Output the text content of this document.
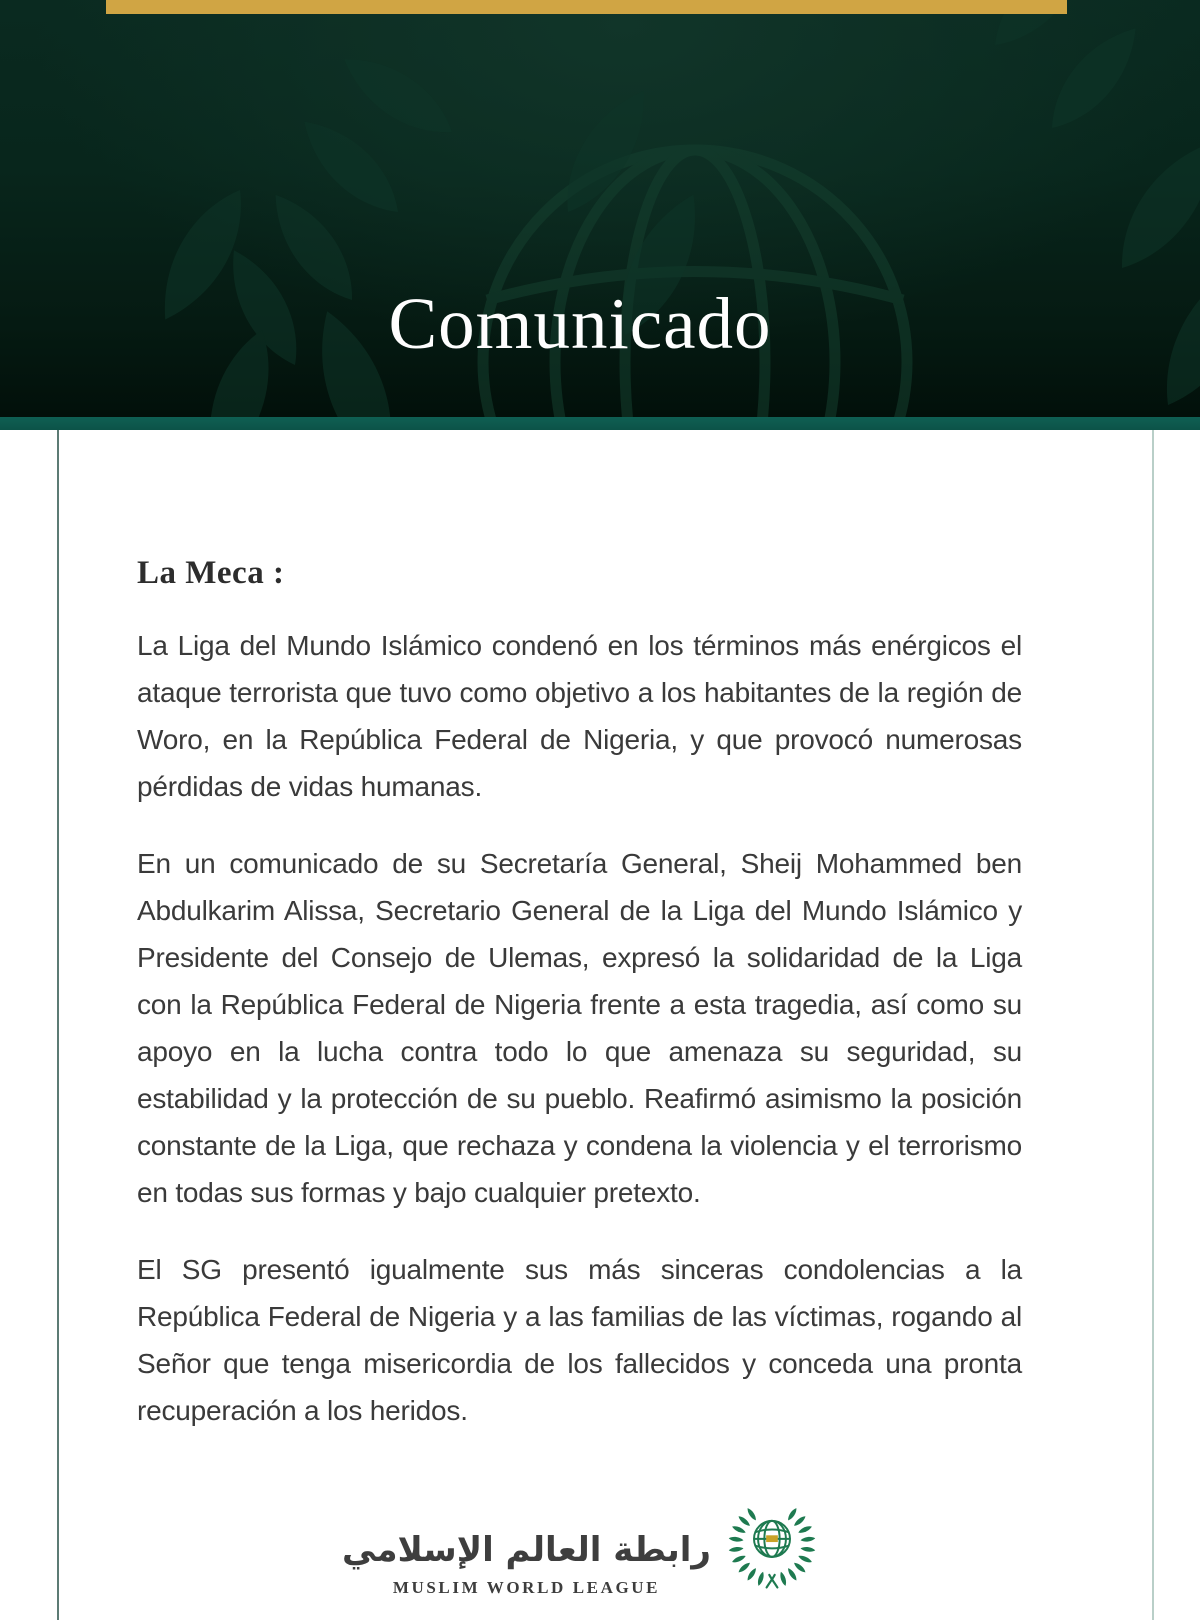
Comunicado
La Meca :

La Liga del Mundo Islámico condenó en los términos más enérgicos el ataque terrorista que tuvo como objetivo a los habitantes de la región de Woro, en la República Federal de Nigeria, y que provocó numerosas pérdidas de vidas humanas.

En un comunicado de su Secretaría General, Sheij Mohammed ben Abdulkarim Alissa, Secretario General de la Liga del Mundo Islámico y Presidente del Consejo de Ulemas, expresó la solidaridad de la Liga con la República Federal de Nigeria frente a esta tragedia, así como su apoyo en la lucha contra todo lo que amenaza su seguridad, su estabilidad y la protección de su pueblo. Reafirmó asimismo la posición constante de la Liga, que rechaza y condena la violencia y el terrorismo en todas sus formas y bajo cualquier pretexto.

El SG presentó igualmente sus más sinceras condolencias a la República Federal de Nigeria y a las familias de las víctimas, rogando al Señor que tenga misericordia de los fallecidos y conceda una pronta recuperación a los heridos.

رابطة العالم الإسلامي
MUSLIM WORLD LEAGUE
